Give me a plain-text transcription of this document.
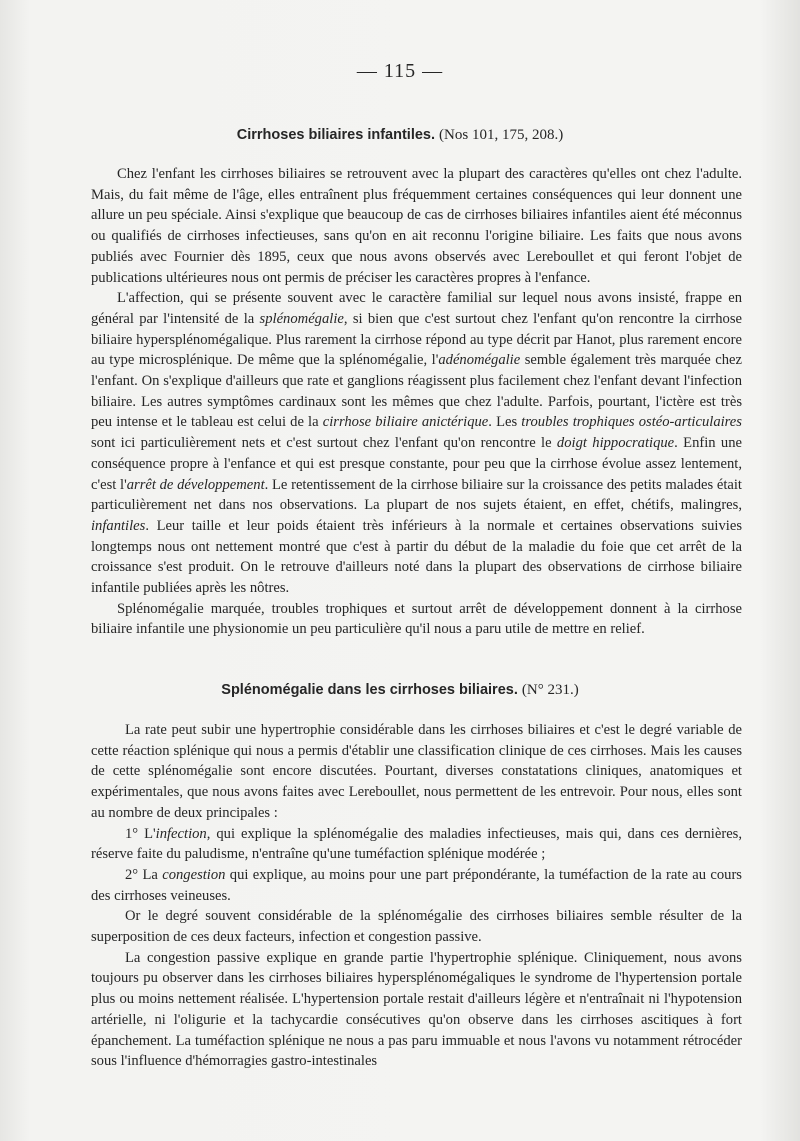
— 115 —
Cirrhoses biliaires infantiles. (Nos 101, 175, 208.)

Chez l'enfant les cirrhoses biliaires se retrouvent avec la plupart des caractères qu'elles ont chez l'adulte. Mais, du fait même de l'âge, elles entraînent plus fréquemment certaines conséquences qui leur donnent une allure un peu spéciale. Ainsi s'explique que beaucoup de cas de cirrhoses biliaires infantiles aient été méconnus ou qualifiés de cirrhoses infectieuses, sans qu'on en ait reconnu l'origine biliaire. Les faits que nous avons publiés avec Fournier dès 1895, ceux que nous avons observés avec Lereboullet et qui feront l'objet de publications ultérieures nous ont permis de préciser les caractères propres à l'enfance.

L'affection, qui se présente souvent avec le caractère familial sur lequel nous avons insisté, frappe en général par l'intensité de la splénomégalie, si bien que c'est surtout chez l'enfant qu'on rencontre la cirrhose biliaire hypersplénomégalique. Plus rarement la cirrhose répond au type décrit par Hanot, plus rarement encore au type microsplénique. De même que la splénomégalie, l'adénomégalie semble également très marquée chez l'enfant. On s'explique d'ailleurs que rate et ganglions réagissent plus facilement chez l'enfant devant l'infection biliaire. Les autres symptômes cardinaux sont les mêmes que chez l'adulte. Parfois, pourtant, l'ictère est très peu intense et le tableau est celui de la cirrhose biliaire anictérique. Les troubles trophiques ostéo-articulaires sont ici particulièrement nets et c'est surtout chez l'enfant qu'on rencontre le doigt hippocratique. Enfin une conséquence propre à l'enfance et qui est presque constante, pour peu que la cirrhose évolue assez lentement, c'est l'arrêt de développement. Le retentissement de la cirrhose biliaire sur la croissance des petits malades était particulièrement net dans nos observations. La plupart de nos sujets étaient, en effet, chétifs, malingres, infantiles. Leur taille et leur poids étaient très inférieurs à la normale et certaines observations suivies longtemps nous ont nettement montré que c'est à partir du début de la maladie du foie que cet arrêt de la croissance s'est produit. On le retrouve d'ailleurs noté dans la plupart des observations de cirrhose biliaire infantile publiées après les nôtres.

Splénomégalie marquée, troubles trophiques et surtout arrêt de développement donnent à la cirrhose biliaire infantile une physionomie un peu particulière qu'il nous a paru utile de mettre en relief.

Splénomégalie dans les cirrhoses biliaires. (N° 231.)

La rate peut subir une hypertrophie considérable dans les cirrhoses biliaires et c'est le degré variable de cette réaction splénique qui nous a permis d'établir une classification clinique de ces cirrhoses. Mais les causes de cette splénomégalie sont encore discutées. Pourtant, diverses constatations cliniques, anatomiques et expérimentales, que nous avons faites avec Lereboullet, nous permettent de les entrevoir. Pour nous, elles sont au nombre de deux principales :

1° L'infection, qui explique la splénomégalie des maladies infectieuses, mais qui, dans ces dernières, réserve faite du paludisme, n'entraîne qu'une tuméfaction splénique modérée ;

2° La congestion qui explique, au moins pour une part prépondérante, la tuméfaction de la rate au cours des cirrhoses veineuses.

Or le degré souvent considérable de la splénomégalie des cirrhoses biliaires semble résulter de la superposition de ces deux facteurs, infection et congestion passive.

La congestion passive explique en grande partie l'hypertrophie splénique. Cliniquement, nous avons toujours pu observer dans les cirrhoses biliaires hypersplénomégaliques le syndrome de l'hypertension portale plus ou moins nettement réalisée. L'hypertension portale restait d'ailleurs légère et n'entraînait ni l'hypotension artérielle, ni l'oligurie et la tachycardie consécutives qu'on observe dans les cirrhoses ascitiques à fort épanchement. La tuméfaction splénique ne nous a pas paru immuable et nous l'avons vu notamment rétrocéder sous l'influence d'hémorragies gastro-intestinales
